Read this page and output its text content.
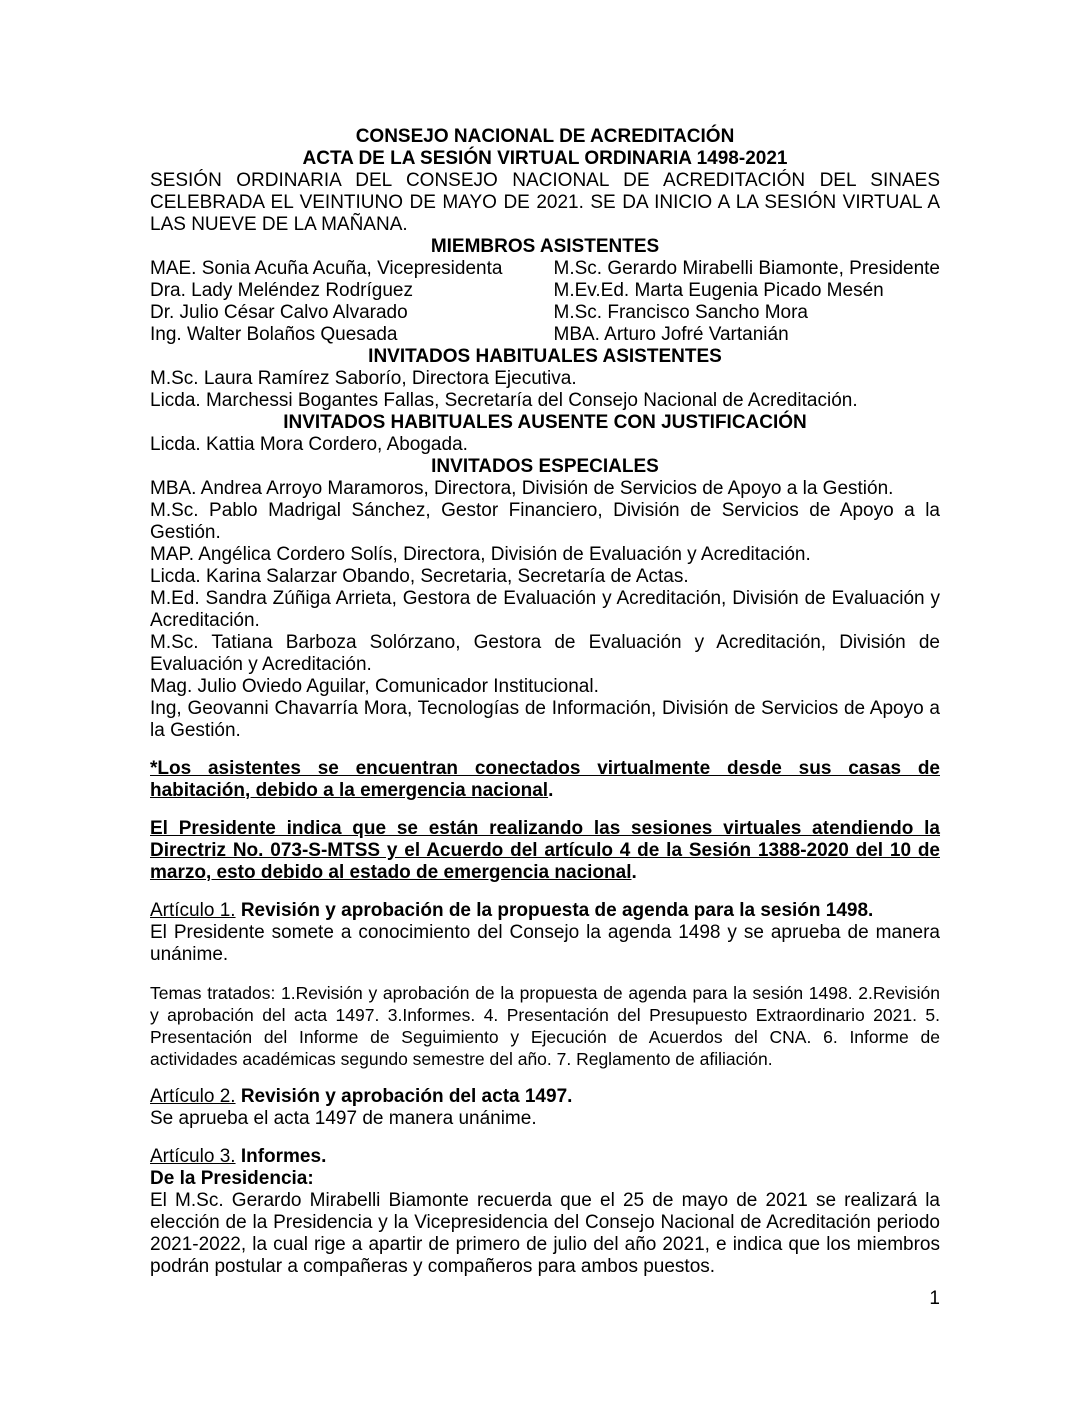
CONSEJO NACIONAL DE ACREDITACIÓN
ACTA DE LA SESIÓN VIRTUAL ORDINARIA 1498-2021
SESIÓN ORDINARIA DEL CONSEJO NACIONAL DE ACREDITACIÓN DEL SINAES CELEBRADA EL VEINTIUNO DE MAYO DE 2021. SE DA INICIO A LA SESIÓN VIRTUAL A LAS NUEVE DE LA MAÑANA.
MIEMBROS ASISTENTES
MAE. Sonia Acuña Acuña, Vicepresidenta
Dra. Lady Meléndez Rodríguez
Dr. Julio César Calvo Alvarado
Ing. Walter Bolaños Quesada
M.Sc. Gerardo Mirabelli Biamonte, Presidente
M.Ev.Ed. Marta Eugenia Picado Mesén
M.Sc. Francisco Sancho Mora
MBA. Arturo Jofré Vartanián
INVITADOS HABITUALES ASISTENTES
M.Sc. Laura Ramírez Saborío, Directora Ejecutiva.
Licda. Marchessi Bogantes Fallas, Secretaría del Consejo Nacional de Acreditación.
INVITADOS HABITUALES AUSENTE CON JUSTIFICACIÓN
Licda. Kattia Mora Cordero, Abogada.
INVITADOS ESPECIALES
MBA. Andrea Arroyo Maramoros, Directora, División de Servicios de Apoyo a la Gestión.
M.Sc. Pablo Madrigal Sánchez, Gestor Financiero, División de Servicios de Apoyo a la Gestión.
MAP. Angélica Cordero Solís, Directora, División de Evaluación y Acreditación.
Licda. Karina Salarzar Obando, Secretaria, Secretaría de Actas.
M.Ed. Sandra Zúñiga Arrieta, Gestora de Evaluación y Acreditación, División de Evaluación y Acreditación.
M.Sc. Tatiana Barboza Solórzano, Gestora de Evaluación y Acreditación, División de Evaluación y Acreditación.
Mag. Julio Oviedo Aguilar, Comunicador Institucional.
Ing, Geovanni Chavarría Mora, Tecnologías de Información, División de Servicios de Apoyo a la Gestión.
*Los asistentes se encuentran conectados virtualmente desde sus casas de habitación, debido a la emergencia nacional.
El Presidente indica que se están realizando las sesiones virtuales atendiendo la Directriz No. 073-S-MTSS y el Acuerdo del artículo 4 de la Sesión 1388-2020 del 10 de marzo, esto debido al estado de emergencia nacional.
Artículo 1. Revisión y aprobación de la propuesta de agenda para la sesión 1498.
El Presidente somete a conocimiento del Consejo la agenda 1498 y se aprueba de manera unánime.
Temas tratados: 1.Revisión y aprobación de la propuesta de agenda para la sesión 1498. 2.Revisión y aprobación del acta 1497. 3.Informes. 4. Presentación del Presupuesto Extraordinario 2021. 5. Presentación del Informe de Seguimiento y Ejecución de Acuerdos del CNA. 6. Informe de actividades académicas segundo semestre del año. 7. Reglamento de afiliación.
Artículo 2. Revisión y aprobación del acta 1497.
Se aprueba el acta 1497 de manera unánime.
Artículo 3. Informes.
De la Presidencia:
El M.Sc. Gerardo Mirabelli Biamonte recuerda que el 25 de mayo de 2021 se realizará la elección de la Presidencia y la Vicepresidencia del Consejo Nacional de Acreditación periodo 2021-2022, la cual rige a apartir de primero de julio del año 2021, e indica que los miembros podrán postular a compañeras y compañeros para ambos puestos.
1
